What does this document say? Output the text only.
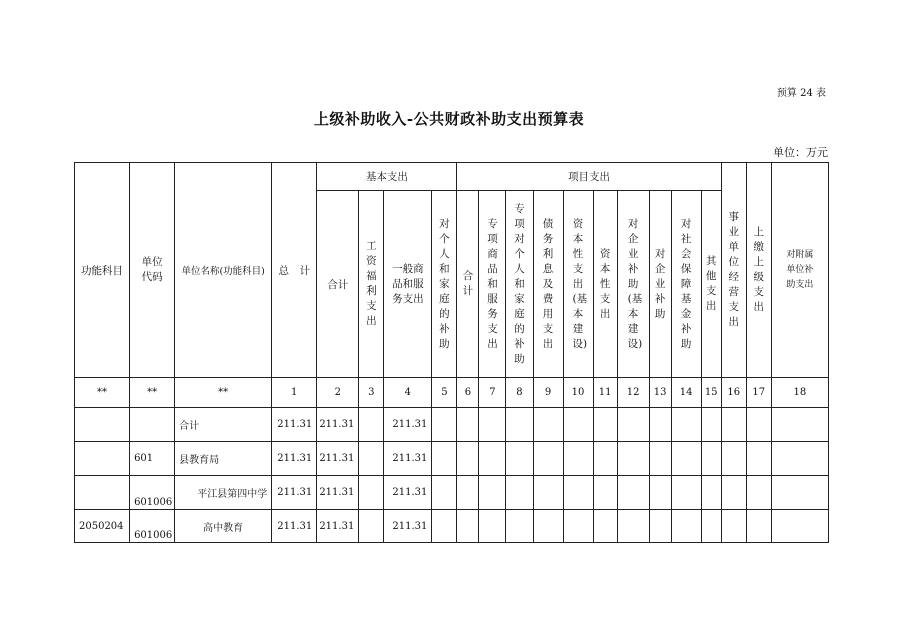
预算 24 表
上级补助收入-公共财政补助支出预算表
单位：万元
功能科目	单位代码	单位名称(功能科目)	总　计	基本支出				项目支出										事业单位经营支出	上缴上级支出	对附属单位补助支出

				合计	工资福利支出	一般商品和服务支出	对个人和家庭的补助	合计	专项商品和服务支出	专项对个人和家庭的补助	债务利息及费用支出	资本性支出(基本建设)	资本性支出	对企业补助(基本建设)	对企业补助	对社会保障基金补助	其他支出			

**	**	**	1	2	3	4	5	6	7	8	9	10	11	12	13	14	15	16	17	18
		合计	211.31	211.31		211.31														
	601	县教育局	211.31	211.31		211.31														
	601006	平江县第四中学	211.31	211.31		211.31														
2050204	601006	高中教育	211.31	211.31		211.31														
